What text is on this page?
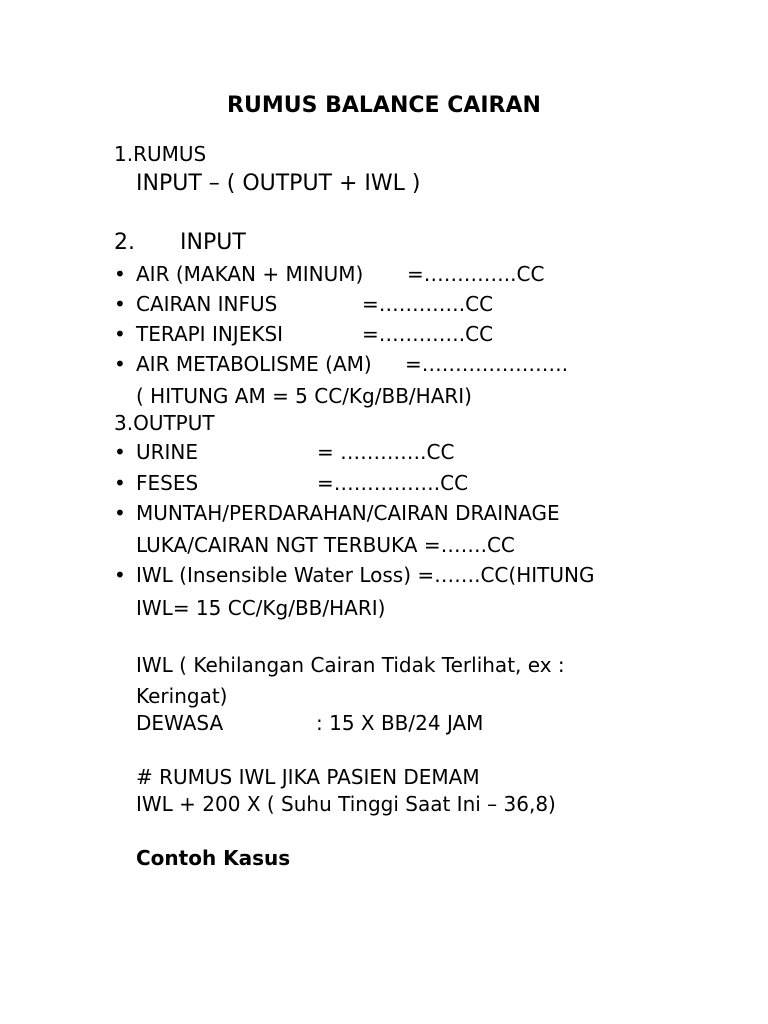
RUMUS BALANCE CAIRAN
1.RUMUS
INPUT – ( OUTPUT + IWL )
2. INPUT
• AIR (MAKAN + MINUM) =…………..CC
• CAIRAN INFUS	=………….CC
• TERAPI INJEKSI	=………….CC
• AIR METABOLISME (AM) =………………….
( HITUNG AM = 5 CC/Kg/BB/HARI)
3.OUTPUT
• URINE	= ………….CC
• FESES	=…………….CC
• MUNTAH/PERDARAHAN/CAIRAN DRAINAGE
LUKA/CAIRAN NGT TERBUKA =…….CC
• IWL (Insensible Water Loss) =…….CC(HITUNG
IWL= 15 CC/Kg/BB/HARI)
IWL ( Kehilangan Cairan Tidak Terlihat, ex :
Keringat)
DEWASA	: 15 X BB/24 JAM
# RUMUS IWL JIKA PASIEN DEMAM
IWL + 200 X ( Suhu Tinggi Saat Ini – 36,8)
Contoh Kasus
